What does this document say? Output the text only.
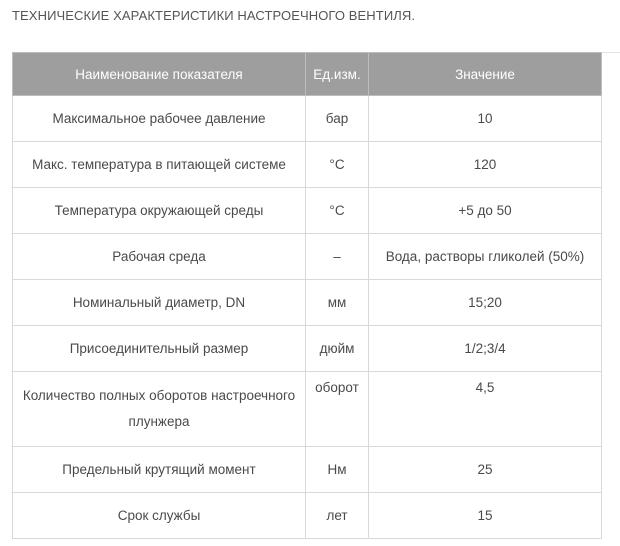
ТЕХНИЧЕСКИЕ ХАРАКТЕРИСТИКИ НАСТРОЕЧНОГО ВЕНТИЛЯ.
Наименование показателя	Ед.изм.	Значение
Максимальное рабочее давление	бар	10
Макс. температура в питающей системе	°С	120
Температура окружающей среды	°С	+5 до 50
Рабочая среда	–	Вода, растворы гликолей (50%)
Номинальный диаметр, DN	мм	15;20
Присоединительный размер	дюйм	1/2;3/4
Количество полных оборотов настроечного плунжера	оборот	4,5
Предельный крутящий момент	Нм	25
Срок службы	лет	15
